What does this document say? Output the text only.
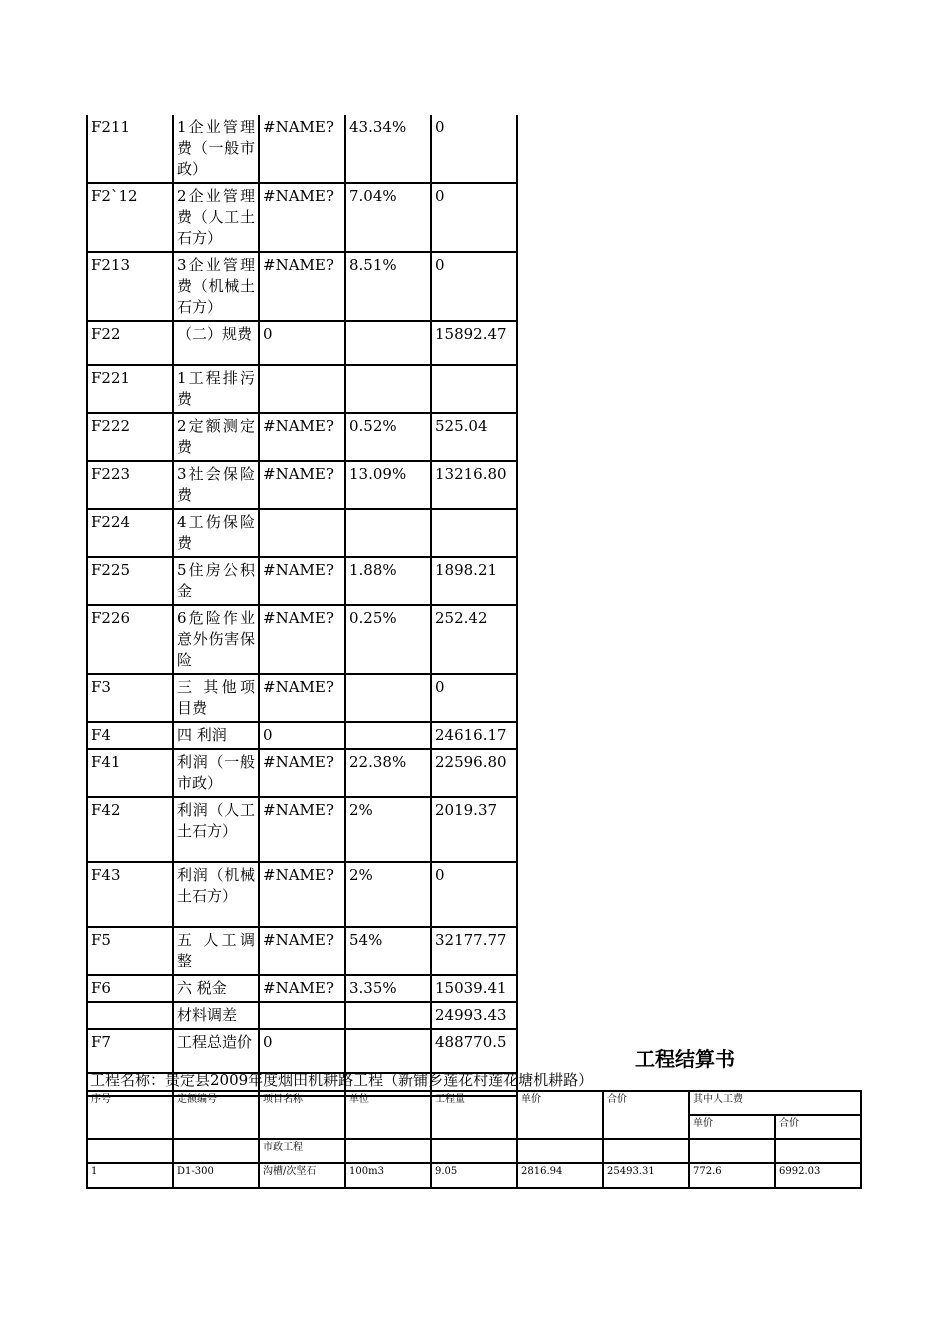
F211	1企业管理费（一般市政）	#NAME?	43.34%	0
F2`12	2企业管理费（人工土石方）	#NAME?	7.04%	0
F213	3企业管理费（机械土石方）	#NAME?	8.51%	0
F22	（二）规费	0		15892.47
F221	1工程排污费			
F222	2定额测定费	#NAME?	0.52%	525.04
F223	3社会保险费	#NAME?	13.09%	13216.80
F224	4工伤保险费			
F225	5住房公积金	#NAME?	1.88%	1898.21
F226	6危险作业意外伤害保险	#NAME?	0.25%	252.42
F3	三 其他项目费	#NAME?		0
F4	四 利润	0		24616.17
F41	利润（一般市政）	#NAME?	22.38%	22596.80
F42	利润（人工土石方）	#NAME?	2%	2019.37
F43	利润（机械土石方）	#NAME?	2%	0
F5	五 人工调整	#NAME?	54%	32177.77
F6	六 税金	#NAME?	3.35%	15039.41
	材料调差			24993.43
F7	工程总造价	0		488770.5

工程结算书
工程名称：贵定县2009年度烟田机耕路工程（新铺乡莲花村莲花塘机耕路）
序号	定额编号	项目名称	单位	工程量	单价	合价	其中人工费	
							单价	合价
		市政工程						
1	D1-300	沟槽/次坚石	100m3	9.05	2816.94	25493.31	772.6	6992.03
